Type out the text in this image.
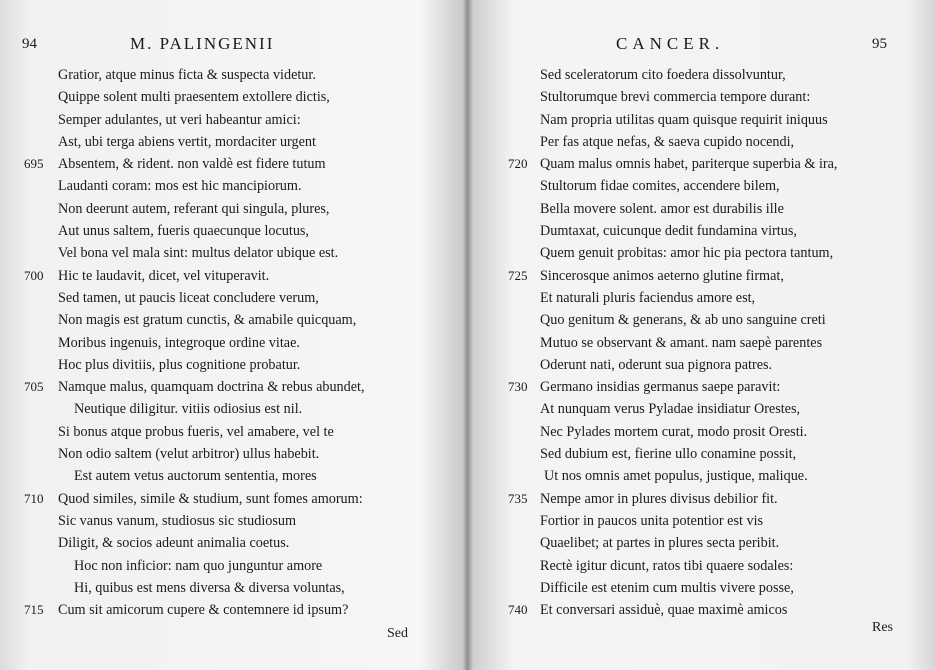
94	M. PALINGENII
Gratior, atque minus ficta & suspecta videtur.
Quippe solent multi praesentem extollere dictis,
Semper adulantes, ut veri habeantur amici:
Ast, ubi terga abiens vertit, mordaciter urgent
695 Absentem, & rident. non valdè est fidere tutum
Laudanti coram: mos est hic mancipiorum.
Non deerunt autem, referant qui singula, plures,
Aut unus saltem, fueris quaecunque locutus,
Vel bona vel mala sint: multus delator ubique est.
700 Hic te laudavit, dicet, vel vituperavit.
Sed tamen, ut paucis liceat concludere verum,
Non magis est gratum cunctis, & amabile quicquam,
Moribus ingenuis, integroque ordine vitae.
Hoc plus divitiis, plus cognitione probatur.
705 Namque malus, quamquam doctrina & rebus abundet,
Neutique diligitur. vitiis odiosius est nil.
Si bonus atque probus fueris, vel amabere, vel te
Non odio saltem (velut arbitror) ullus habebit.
Est autem vetus auctorum sententia, mores
710 Quod similes, simile & studium, sunt fomes amorum:
Sic vanus vanum, studiosus sic studiosum
Diligit, & socios adeunt animalia coetus.
Hoc non inficior: nam quo junguntur amore
Hi, quibus est mens diversa & diversa voluntas,
715 Cum sit amicorum cupere & contemnere id ipsum?
Sed
95
CANCER.
Sed sceleratorum cito foedera dissolvuntur,
Stultorumque brevi commercia tempore durant:
Nam propria utilitas quam quisque requirit iniquus
Per fas atque nefas, & saeva cupido nocendi,
720 Quam malus omnis habet, pariterque superbia & ira,
Stultorum fidae comites, accendere bilem,
Bella movere solent. amor est durabilis ille
Dumtaxat, cuicunque dedit fundamina virtus,
Quem genuit probitas: amor hic pia pectora tantum,
725 Sincerosque animos aeterno glutine firmat,
Et naturali pluris faciendus amore est,
Quo genitum & generans, & ab uno sanguine creti
Mutuo se observant & amant. nam saepè parentes
Oderunt nati, oderunt sua pignora patres.
730 Germano insidias germanus saepe paravit:
At nunquam verus Pyladae insidiatur Orestes,
Nec Pylades mortem curat, modo prosit Oresti.
Sed dubium est, fierine ullo conamine possit,
Ut nos omnis amet populus, justique, malique.
735 Nempe amor in plures divisus debilior fit.
Fortior in paucos unita potentior est vis
Quaelibet; at partes in plures secta peribit.
Rectè igitur dicunt, ratos tibi quaere sodales:
Difficile est etenim cum multis vivere posse,
740 Et conversari assiduè, quae maximè amicos
Res
